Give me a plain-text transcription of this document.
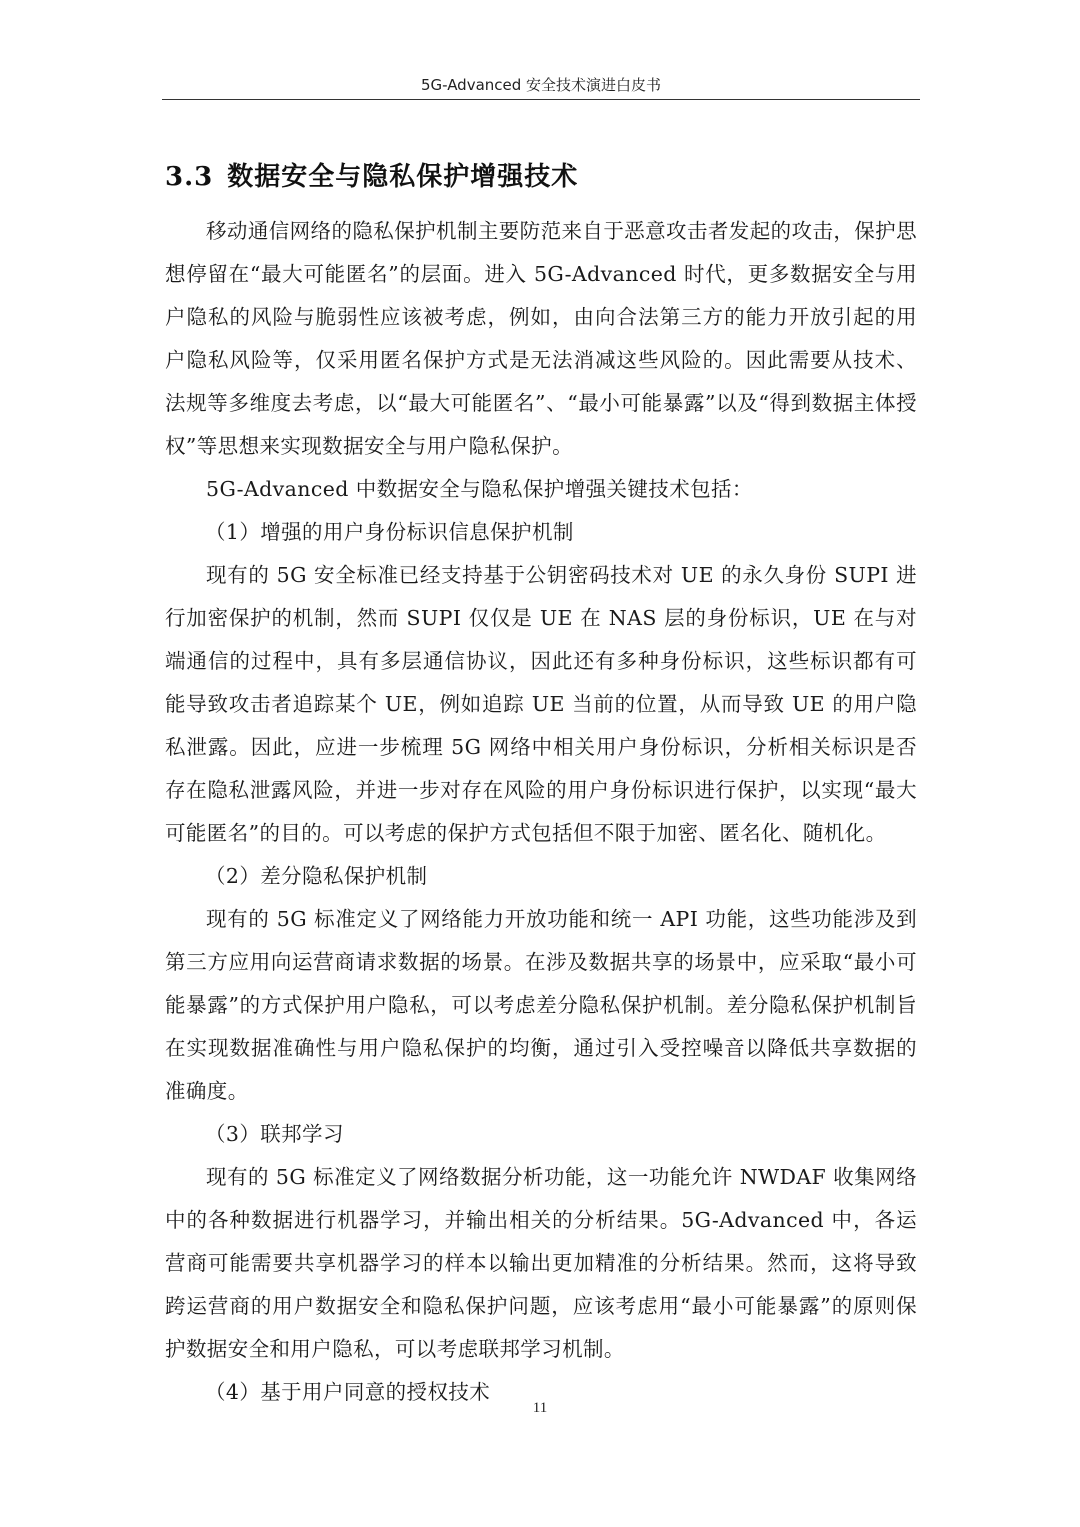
5G-Advanced 安全技术演进白皮书
3.3 数据安全与隐私保护增强技术

移动通信网络的隐私保护机制主要防范来自于恶意攻击者发起的攻击，保护思想停留在“最大可能匿名”的层面。进入 5G-Advanced 时代，更多数据安全与用户隐私的风险与脆弱性应该被考虑，例如，由向合法第三方的能力开放引起的用户隐私风险等，仅采用匿名保护方式是无法消减这些风险的。因此需要从技术、法规等多维度去考虑，以“最大可能匿名”、“最小可能暴露”以及“得到数据主体授权”等思想来实现数据安全与用户隐私保护。

5G-Advanced 中数据安全与隐私保护增强关键技术包括：

（1）增强的用户身份标识信息保护机制

现有的 5G 安全标准已经支持基于公钥密码技术对 UE 的永久身份 SUPI 进行加密保护的机制，然而 SUPI 仅仅是 UE 在 NAS 层的身份标识，UE 在与对端通信的过程中，具有多层通信协议，因此还有多种身份标识，这些标识都有可能导致攻击者追踪某个 UE，例如追踪 UE 当前的位置，从而导致 UE 的用户隐私泄露。因此，应进一步梳理 5G 网络中相关用户身份标识，分析相关标识是否存在隐私泄露风险，并进一步对存在风险的用户身份标识进行保护，以实现“最大可能匿名”的目的。可以考虑的保护方式包括但不限于加密、匿名化、随机化。

（2）差分隐私保护机制

现有的 5G 标准定义了网络能力开放功能和统一 API 功能，这些功能涉及到第三方应用向运营商请求数据的场景。在涉及数据共享的场景中，应采取“最小可能暴露”的方式保护用户隐私，可以考虑差分隐私保护机制。差分隐私保护机制旨在实现数据准确性与用户隐私保护的均衡，通过引入受控噪音以降低共享数据的准确度。

（3）联邦学习

现有的 5G 标准定义了网络数据分析功能，这一功能允许 NWDAF 收集网络中的各种数据进行机器学习，并输出相关的分析结果。5G-Advanced 中，各运营商可能需要共享机器学习的样本以输出更加精准的分析结果。然而，这将导致跨运营商的用户数据安全和隐私保护问题，应该考虑用“最小可能暴露”的原则保护数据安全和用户隐私，可以考虑联邦学习机制。

（4）基于用户同意的授权技术

11
